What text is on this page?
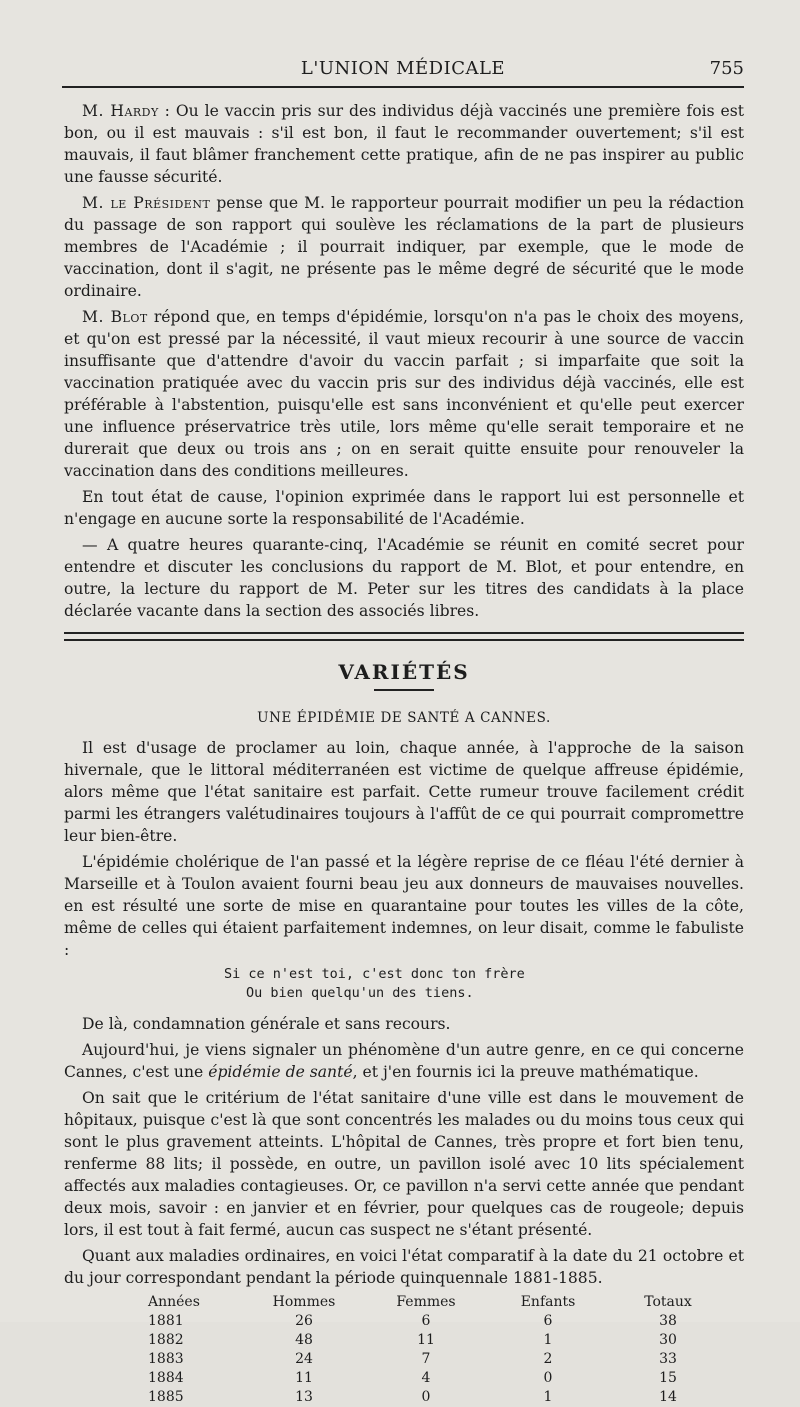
L'UNION MÉDICALE	755

M. Hardy : Ou le vaccin pris sur des individus déjà vaccinés une première fois est bon, ou il est mauvais : s'il est bon, il faut le recommander ouvertement; s'il est mauvais, il faut blâmer franchement cette pratique, afin de ne pas inspirer au public une fausse sécurité.

M. le Président pense que M. le rapporteur pourrait modifier un peu la rédaction du passage de son rapport qui soulève les réclamations de la part de plusieurs membres de l'Académie ; il pourrait indiquer, par exemple, que le mode de vaccination, dont il s'agit, ne présente pas le même degré de sécurité que le mode ordinaire.

M. Blot répond que, en temps d'épidémie, lorsqu'on n'a pas le choix des moyens, et qu'on est pressé par la nécessité, il vaut mieux recourir à une source de vaccin insuffisante que d'attendre d'avoir du vaccin parfait ; si imparfaite que soit la vaccination pratiquée avec du vaccin pris sur des individus déjà vaccinés, elle est préférable à l'abstention, puisqu'elle est sans inconvénient et qu'elle peut exercer une influence préservatrice très utile, lors même qu'elle serait temporaire et ne durerait que deux ou trois ans ; on en serait quitte ensuite pour renouveler la vaccination dans des conditions meilleures.

En tout état de cause, l'opinion exprimée dans le rapport lui est personnelle et n'engage en aucune sorte la responsabilité de l'Académie.

— A quatre heures quarante-cinq, l'Académie se réunit en comité secret pour entendre et discuter les conclusions du rapport de M. Blot, et pour entendre, en outre, la lecture du rapport de M. Peter sur les titres des candidats à la place déclarée vacante dans la section des associés libres.

VARIÉTÉS
UNE ÉPIDÉMIE DE SANTÉ A CANNES.

Il est d'usage de proclamer au loin, chaque année, à l'approche de la saison hivernale, que le littoral méditerranéen est victime de quelque affreuse épidémie, alors même que l'état sanitaire est parfait. Cette rumeur trouve facilement crédit parmi les étrangers valétudinaires toujours à l'affût de ce qui pourrait compromettre leur bien-être.

L'épidémie cholérique de l'an passé et la légère reprise de ce fléau l'été dernier à Marseille et à Toulon avaient fourni beau jeu aux donneurs de mauvaises nouvelles. en est résulté une sorte de mise en quarantaine pour toutes les villes de la côte, même de celles qui étaient parfaitement indemnes, on leur disait, comme le fabuliste :

Si ce n'est toi, c'est donc ton frère
Ou bien quelqu'un des tiens.

De là, condamnation générale et sans recours.

Aujourd'hui, je viens signaler un phénomène d'un autre genre, en ce qui concerne Cannes, c'est une épidémie de santé, et j'en fournis ici la preuve mathématique.

On sait que le critérium de l'état sanitaire d'une ville est dans le mouvement de hôpitaux, puisque c'est là que sont concentrés les malades ou du moins tous ceux qui sont le plus gravement atteints. L'hôpital de Cannes, très propre et fort bien tenu, renferme 88 lits; il possède, en outre, un pavillon isolé avec 10 lits spécialement affectés aux maladies contagieuses. Or, ce pavillon n'a servi cette année que pendant deux mois, savoir : en janvier et en février, pour quelques cas de rougeole; depuis lors, il est tout à fait fermé, aucun cas suspect ne s'étant présenté.

Quant aux maladies ordinaires, en voici l'état comparatif à la date du 21 octobre et du jour correspondant pendant la période quinquennale 1881-1885.

Années	Hommes	Femmes	Enfants	Totaux
1881	26	6	6	38
1882	48	11	1	30
1883	24	7	2	33
1884	11	4	0	15
1885	13	0	1	14
